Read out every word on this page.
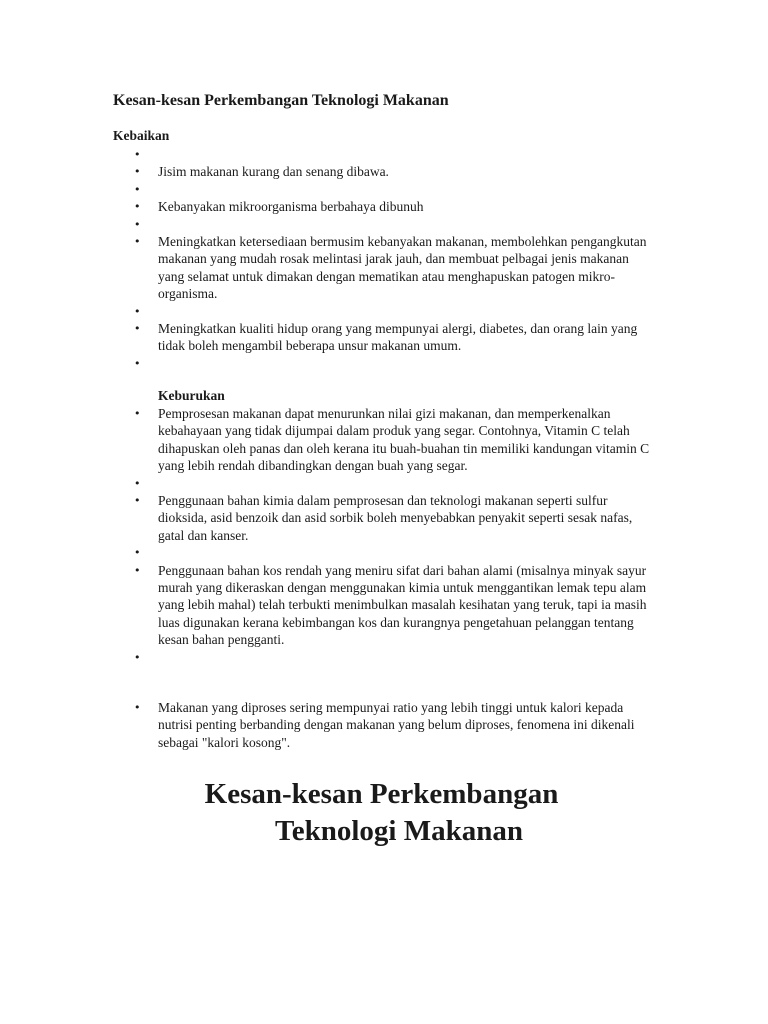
Kesan-kesan Perkembangan Teknologi Makanan
Kebaikan
•
• Jisim makanan kurang dan senang dibawa.
•
• Kebanyakan mikroorganisma berbahaya dibunuh
•
• Meningkatkan ketersediaan bermusim kebanyakan makanan, membolehkan pengangkutan makanan yang mudah rosak melintasi jarak jauh, dan membuat pelbagai jenis makanan yang selamat untuk dimakan dengan mematikan atau menghapuskan patogen mikro-organisma.
•
• Meningkatkan kualiti hidup orang yang mempunyai alergi, diabetes, dan orang lain yang tidak boleh mengambil beberapa unsur makanan umum.
•
Keburukan
• Pemprosesan makanan dapat menurunkan nilai gizi makanan, dan memperkenalkan kebahayaan yang tidak dijumpai dalam produk yang segar. Contohnya, Vitamin C telah dihapuskan oleh panas dan oleh kerana itu buah-buahan tin memiliki kandungan vitamin C yang lebih rendah dibandingkan dengan buah yang segar.
•
• Penggunaan bahan kimia dalam pemprosesan dan teknologi makanan seperti sulfur dioksida, asid benzoik dan asid sorbik boleh menyebabkan penyakit seperti sesak nafas, gatal dan kanser.
•
• Penggunaan bahan kos rendah yang meniru sifat dari bahan alami (misalnya minyak sayur murah yang dikeraskan dengan menggunakan kimia untuk menggantikan lemak tepu alam yang lebih mahal) telah terbukti menimbulkan masalah kesihatan yang teruk, tapi ia masih luas digunakan kerana kebimbangan kos dan kurangnya pengetahuan pelanggan tentang kesan bahan pengganti.
•
• Makanan yang diproses sering mempunyai ratio yang lebih tinggi untuk kalori kepada nutrisi penting berbanding dengan makanan yang belum diproses, fenomena ini dikenali sebagai "kalori kosong".
Kesan-kesan Perkembangan
Teknologi Makanan
